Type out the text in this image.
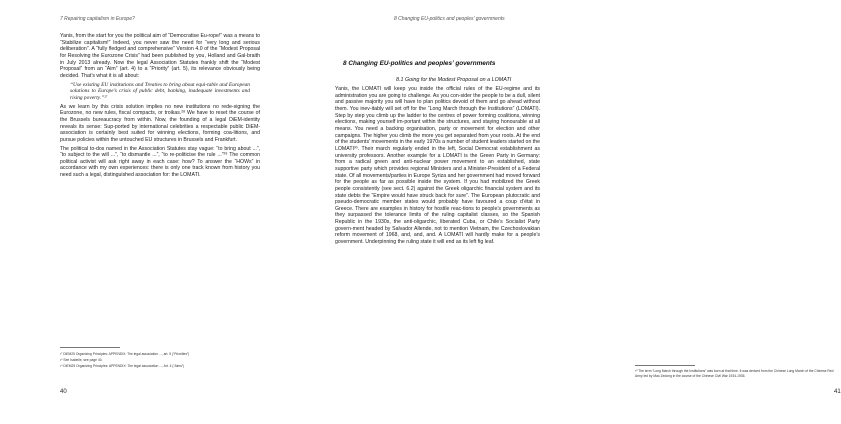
7 Repairing capitalism in Europe?

Yanis, from the start for you the political aim of “Democratise Eu-rope!” was a means to “Stabilize capitalism!” Indeed, you never saw the need for “very long and serious deliberation”. A “fully fledged and comprehensive” Version 4.0 of the “Modest Proposal for Resolving the Eurozone Crisis” had been published by you, Holland and Gal-braith in July 2013 already. Now the legal Association Statutes frankly shift the “Modest Proposal” from an “Aim” (art. 4) to a “Priority” (art. 5), its relevance obviously being decided. That’s what it is all about:

“Use existing EU institutions and Treaties to bring about equi-table and European solutions to Europe’s crisis of public debt, banking, inadequate investments and rising poverty.”²⁷

As we learn by this crisis solution implies no new institutions no rede-signing the Eurozone, no new rules, fiscal compacts, or troikas.²⁸ We have to reset the course of the Brussels bureaucracy from within. Now, the founding of a legal DiEM-identity reveals its sense: Sup-ported by international celebrities a respectable public DiEM-association is certainly best suited for winning elections, forming coa-litions, and pursue policies within the untouched EU structures in Brussels and Frankfurt.

The political to-dos named in the Association Statutes stay vague: “to bring about ...”, “to subject to the will ...”, “to dismantle ...”, “to re-politicise the rule ...”²⁹ The common political activist will ask right away in each case: how? To answer the “HOWs” in accordance with my own experiences: there is only one track known from history you need such a legal, distinguished association for: the LOMATI.

²⁷ DiEM25 Organizing Principles: APPENDIX: The legal association ..., art. 5 (“Priorities”)
²⁸ See Isabelle, see page 40.
²⁹ DiEM25 Organizing Principles: APPENDIX: The legal association ..., Art. 4 (“Aims”)
40
8 Changing EU-politics and peoples’ governments
³⁰ The term “Long March through the Institutions” was born at that time. It was derived from the Chinese Long March of the Chinese Red Army led by Mao Zedong in the course of the Chinese Civil War 1934-1935.
41
8 Changing EU-politics and peoples’ governments
8.1 Going for the Modest Proposal on a LOMATI

Yanis, the LOMATI will keep you inside the official rules of the EU-regime and its administration you are going to challenge. As you con-sider the people to be a dull, silent and passive majority you will have to plan politics devoid of them and go ahead without them. You inev-itably will set off for the “Long March through the Institutions” (LOMATI). Step by step you climb up the ladder to the centres of power forming coalitions, winning elections, making yourself im-portant within the structures, and staying honourable at all means. You need a backing organisation, party or movement for election and other campaigns. The higher you climb the more you get separated from your roots. At the end of the students’ movements in the early 1970s a number of student leaders started on the LOMATI³⁰. Their march regularly ended in the left, Social Democrat establishment as university professors. Another example for a LOMATI is the Green Party in Germany: from a radical green and anti-nuclear power movement to an established, state supportive party which provides regional Ministers and a Minister-President of a Federal state. Of all movements/parties in Europe Syriza and her government had moved forward for the people as far as possible inside the system. If you had mobilized the Greek people consistently (see sect. 6.2) against the Greek oligarchic financial system and its state debts the “Empire would have struck back for sure”. The European plutocratic and pseudo-democratic member states would probably have favoured a coup d’état in Greece. There are examples in history for hostile reac-tions to people’s governments as they surpassed the tolerance limits of the ruling capitalist classes, so the Spanish Republic in the 1930s, the anti-oligarchic, liberated Cuba, or Chile’s Socialist Party govern-ment headed by Salvador Allende, not to mention Vietnam, the Czechoslovakian reform movement of 1968, and, and, and. A LOMATI will hardly make for a people’s government. Underpinning the ruling state it will end as its left fig leaf.
